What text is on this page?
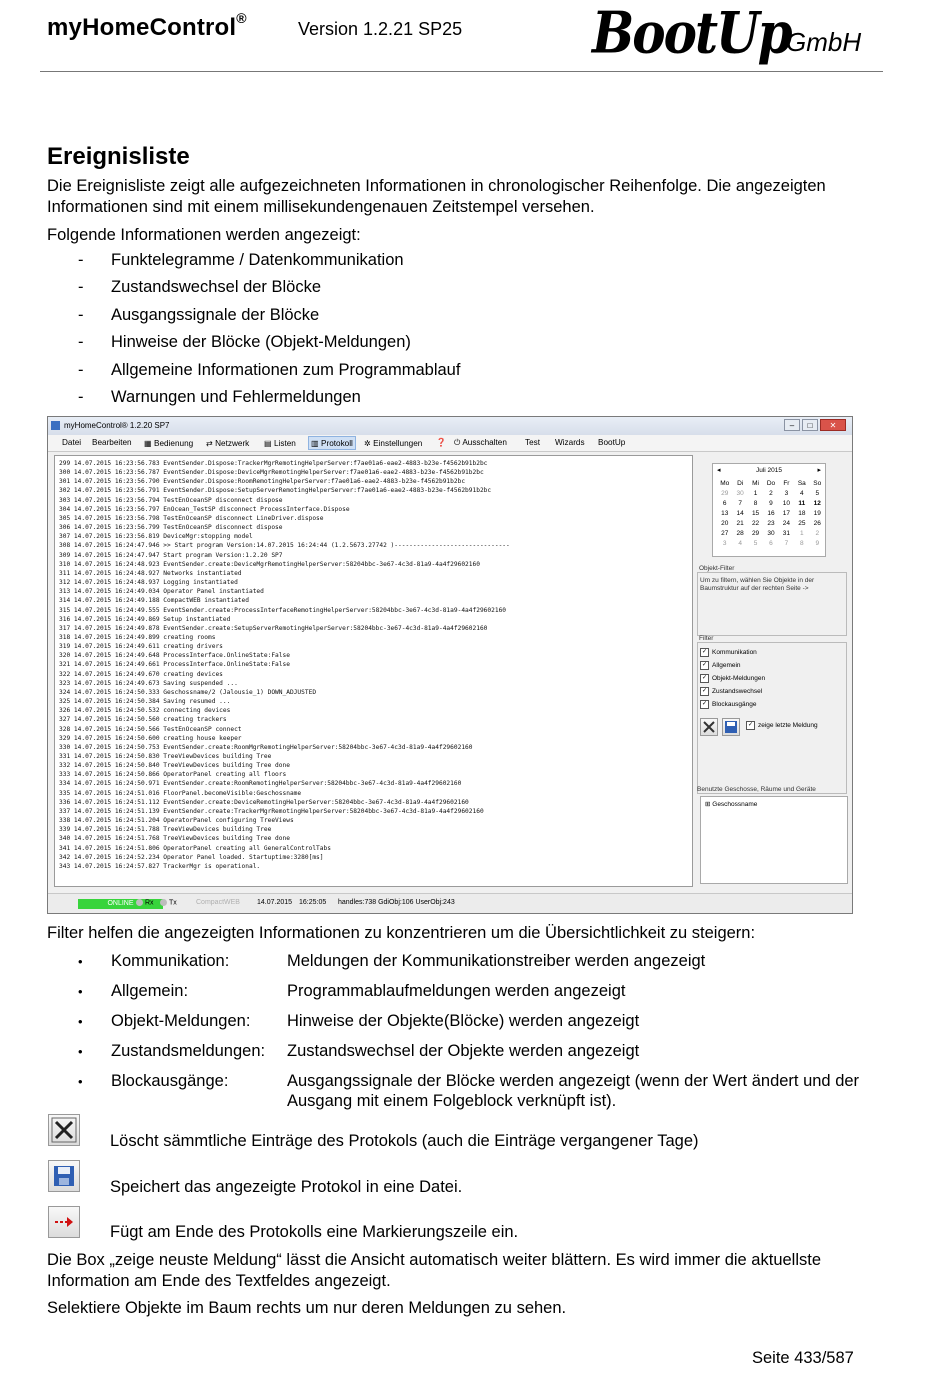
myHomeControl®
Version 1.2.21 SP25	BootUp
GmbH
Ereignisliste
Die Ereignisliste zeigt alle aufgezeichneten Informationen in chronologischer Reihenfolge. Die angezeigten Informationen sind mit einem millisekundengenauen Zeitstempel versehen.
Folgende Informationen werden angezeigt:
-	Funktelegramme / Datenkommunikation
-	Zustandswechsel der Blöcke
-	Ausgangssignale der Blöcke
-	Hinweise der Blöcke (Objekt-Meldungen)
-	Allgemeine Informationen zum Programmablauf
-	Warnungen und Fehlermeldungen
myHomeControl® 1.2.20 SP7	–	□	✕
Datei Bearbeiten ▦ Bedienung ⇄ Netzwerk ▤ Listen	▥ Protokoll	✲ Einstellungen ❓ ⏻ Ausschalten Test Wizards BootUp
299 14.07.2015 16:23:56.783 EventSender.Dispose:TrackerMgrRemotingHelperServer:f7ae01a6-eae2-4883-b23e-f4562b91b2bc
300 14.07.2015 16:23:56.787 EventSender.Dispose:DeviceMgrRemotingHelperServer:f7ae01a6-eae2-4883-b23e-f4562b91b2bc
301 14.07.2015 16:23:56.790 EventSender.Dispose:RoomRemotingHelperServer:f7ae01a6-eae2-4883-b23e-f4562b91b2bc
302 14.07.2015 16:23:56.791 EventSender.Dispose:SetupServerRemotingHelperServer:f7ae01a6-eae2-4883-b23e-f4562b91b2bc
303 14.07.2015 16:23:56.794 TestEnOceanSP disconnect dispose
304 14.07.2015 16:23:56.797 EnOcean_TestSP disconnect ProcessInterface.Dispose
305 14.07.2015 16:23:56.798 TestEnOceanSP disconnect LineDriver.dispose
306 14.07.2015 16:23:56.799 TestEnOceanSP disconnect dispose
307 14.07.2015 16:23:56.819 DeviceMgr:stopping model
308 14.07.2015 16:24:47.946 >> Start program Version:14.07.2015 16:24:44 (1.2.5673.27742 )-------------------------------
309 14.07.2015 16:24:47.947 Start program Version:1.2.20 SP7
310 14.07.2015 16:24:48.923 EventSender.create:DeviceMgrRemotingHelperServer:58204bbc-3e67-4c3d-81a9-4a4f29602160
311 14.07.2015 16:24:48.927 Networks instantiated
312 14.07.2015 16:24:48.937 Logging instantiated
313 14.07.2015 16:24:49.034 Operator Panel instantiated
314 14.07.2015 16:24:49.188 CompactWEB instantiated
315 14.07.2015 16:24:49.555 EventSender.create:ProcessInterfaceRemotingHelperServer:58204bbc-3e67-4c3d-81a9-4a4f29602160
316 14.07.2015 16:24:49.869 Setup instantiated
317 14.07.2015 16:24:49.878 EventSender.create:SetupServerRemotingHelperServer:58204bbc-3e67-4c3d-81a9-4a4f29602160
318 14.07.2015 16:24:49.899 creating rooms
319 14.07.2015 16:24:49.611 creating drivers
320 14.07.2015 16:24:49.648 ProcessInterface.OnlineState:False
321 14.07.2015 16:24:49.661 ProcessInterface.OnlineState:False
322 14.07.2015 16:24:49.670 creating devices
323 14.07.2015 16:24:49.673 Saving suspended ...
324 14.07.2015 16:24:50.333 Geschossname/2 (Jalousie_1) DOWN_ADJUSTED
325 14.07.2015 16:24:50.384 Saving resumed ...
326 14.07.2015 16:24:50.532 connecting devices
327 14.07.2015 16:24:50.560 creating trackers
328 14.07.2015 16:24:50.566 TestEnOceanSP connect
329 14.07.2015 16:24:50.600 creating house keeper
330 14.07.2015 16:24:50.753 EventSender.create:RoomMgrRemotingHelperServer:58204bbc-3e67-4c3d-81a9-4a4f29602160
331 14.07.2015 16:24:50.830 TreeViewDevices building Tree
332 14.07.2015 16:24:50.840 TreeViewDevices building Tree done
333 14.07.2015 16:24:50.866 OperatorPanel creating all floors
334 14.07.2015 16:24:50.971 EventSender.create:RoomRemotingHelperServer:58204bbc-3e67-4c3d-81a9-4a4f29602160
335 14.07.2015 16:24:51.016 FloorPanel.becomeVisible:Geschossname
336 14.07.2015 16:24:51.112 EventSender.create:DeviceRemotingHelperServer:58204bbc-3e67-4c3d-81a9-4a4f29602160
337 14.07.2015 16:24:51.139 EventSender.create:TrackerMgrRemotingHelperServer:58204bbc-3e67-4c3d-81a9-4a4f29602160
338 14.07.2015 16:24:51.204 OperatorPanel configuring TreeViews
339 14.07.2015 16:24:51.788 TreeViewDevices building Tree
340 14.07.2015 16:24:51.768 TreeViewDevices building Tree done
341 14.07.2015 16:24:51.806 OperatorPanel creating all GeneralControlTabs
342 14.07.2015 16:24:52.234 Operator Panel loaded. Startuptime:3280[ms]
343 14.07.2015 16:24:57.827 TrackerMgr is operational.
◂	Juli 2015	▸
Mo	Di	Mi	Do	Fr	Sa	So
29	30	1	2	3	4	5
6	7	8	9	10	11	12
13	14	15	16	17	18	19
20	21	22	23	24	25	26
27	28	29	30	31	1	2
3	4	5	6	7	8	9
Objekt-Filter
Um zu filtern, wählen Sie Objekte in der Baumstruktur auf der rechten Seite ->
Filter
✓ Kommunikation
✓ Allgemein
✓ Objekt-Meldungen
✓ Zustandswechsel
✓ Blockausgänge
✓ zeige letzte Meldung
Benutzte Geschosse, Räume und Geräte
⊞ Geschossname
ONLINE	Rx	Tx	CompactWEB 14.07.2015 16:25:05 handles:738 GdiObj:106 UserObj:243
Filter helfen die angezeigten Informationen zu konzentrieren um die Übersichtlichkeit zu steigern:
•	Kommunikation:	Meldungen der Kommunikationstreiber werden angezeigt
•	Allgemein:	Programmablaufmeldungen werden angezeigt
•	Objekt-Meldungen:	Hinweise der Objekte(Blöcke) werden angezeigt
•	Zustandsmeldungen:	Zustandswechsel der Objekte werden angezeigt
•	Blockausgänge:	Ausgangssignale der Blöcke werden angezeigt (wenn der Wert ändert und der Ausgang mit einem Folgeblock verknüpft ist).
Löscht sämmtliche Einträge des Protokols (auch die Einträge vergangener Tage)
Speichert das angezeigte Protokol in eine Datei.
Fügt am Ende des Protokolls eine Markierungszeile ein.
Die Box „zeige neuste Meldung“ lässt die Ansicht automatisch weiter blättern. Es wird immer die aktuellste Information am Ende des Textfeldes angezeigt.
Selektiere Objekte im Baum rechts um nur deren Meldungen zu sehen.
Seite 433/587
